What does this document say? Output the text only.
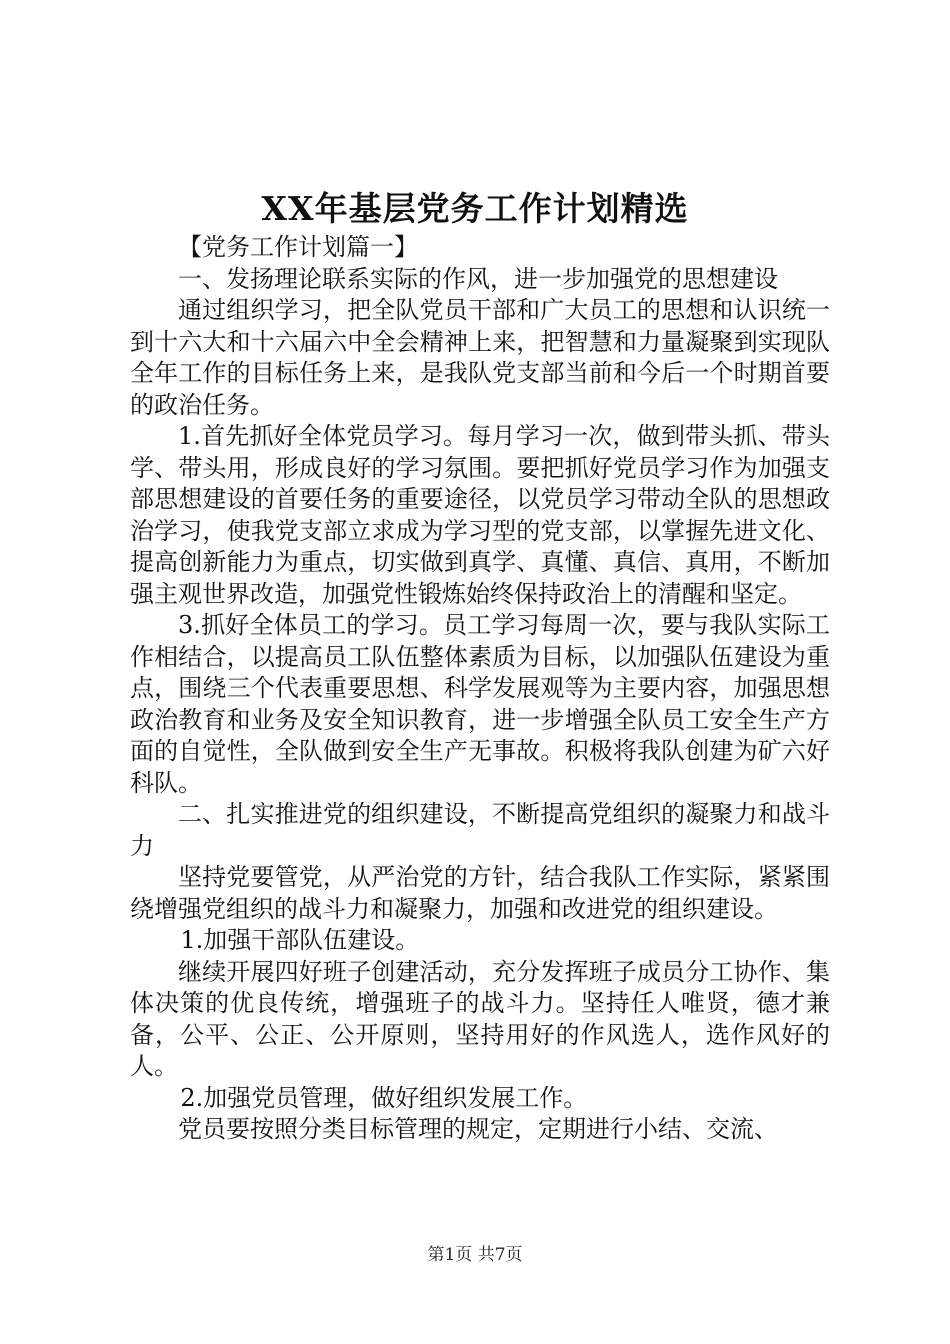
XX年基层党务工作计划精选

【党务工作计划篇一】

一、发扬理论联系实际的作风，进一步加强党的思想建设

通过组织学习，把全队党员干部和广大员工的思想和认识统一到十六大和十六届六中全会精神上来，把智慧和力量凝聚到实现队全年工作的目标任务上来，是我队党支部当前和今后一个时期首要的政治任务。

1.首先抓好全体党员学习。每月学习一次，做到带头抓、带头学、带头用，形成良好的学习氛围。要把抓好党员学习作为加强支部思想建设的首要任务的重要途径，以党员学习带动全队的思想政治学习，使我党支部立求成为学习型的党支部，以掌握先进文化、提高创新能力为重点，切实做到真学、真懂、真信、真用，不断加强主观世界改造，加强党性锻炼始终保持政治上的清醒和坚定。

3.抓好全体员工的学习。员工学习每周一次，要与我队实际工作相结合，以提高员工队伍整体素质为目标，以加强队伍建设为重点，围绕三个代表重要思想、科学发展观等为主要内容，加强思想政治教育和业务及安全知识教育，进一步增强全队员工安全生产方面的自觉性，全队做到安全生产无事故。积极将我队创建为矿六好科队。

二、扎实推进党的组织建设，不断提高党组织的凝聚力和战斗力

坚持党要管党，从严治党的方针，结合我队工作实际，紧紧围绕增强党组织的战斗力和凝聚力，加强和改进党的组织建设。

1.加强干部队伍建设。

继续开展四好班子创建活动，充分发挥班子成员分工协作、集体决策的优良传统，增强班子的战斗力。坚持任人唯贤，德才兼备，公平、公正、公开原则，坚持用好的作风选人，选作风好的人。

2.加强党员管理，做好组织发展工作。

党员要按照分类目标管理的规定，定期进行小结、交流、

第1页 共7页
